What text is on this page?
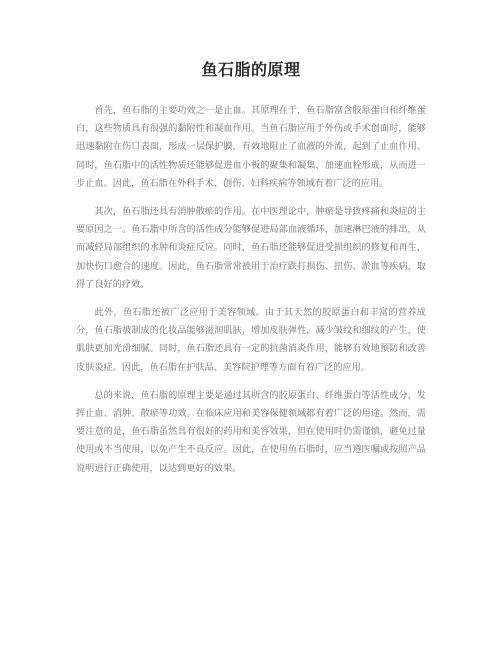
鱼石脂的原理

首先，鱼石脂的主要功效之一是止血。其原理在于，鱼石脂富含胶原蛋白和纤维蛋白，这些物质具有很强的黏附性和凝血作用。当鱼石脂应用于外伤或手术创面时，能够迅速黏附在伤口表面，形成一层保护膜，有效地阻止了血液的外流，起到了止血作用。同时，鱼石脂中的活性物质还能够促进血小板的聚集和凝集，加速血栓形成，从而进一步止血。因此，鱼石脂在外科手术、创伤、妇科疾病等领域有着广泛的应用。

其次，鱼石脂还具有消肿散瘀的作用。在中医理论中，肿瘀是导致疼痛和炎症的主要原因之一。鱼石脂中所含的活性成分能够促进局部血液循环，加速淋巴液的排出，从而减轻局部组织的水肿和炎症反应。同时，鱼石脂还能够促进受损组织的修复和再生，加快伤口愈合的速度。因此，鱼石脂常常被用于治疗跌打损伤、扭伤、淤血等疾病，取得了良好的疗效。

此外，鱼石脂还被广泛应用于美容领域。由于其天然的胶原蛋白和丰富的营养成分，鱼石脂被制成的化妆品能够滋润肌肤，增加皮肤弹性，减少皱纹和细纹的产生，使肌肤更加光滑细腻。同时，鱼石脂还具有一定的抗菌消炎作用，能够有效地预防和改善皮肤炎症。因此，鱼石脂在护肤品、美容院护理等方面有着广泛的应用。

总的来说，鱼石脂的原理主要是通过其所含的胶原蛋白、纤维蛋白等活性成分，发挥止血、消肿、散瘀等功效。在临床应用和美容保健领域都有着广泛的用途。然而，需要注意的是，鱼石脂虽然具有很好的药用和美容效果，但在使用时仍需谨慎，避免过量使用或不当使用，以免产生不良反应。因此，在使用鱼石脂时，应当遵医嘱或按照产品说明进行正确使用，以达到更好的效果。
